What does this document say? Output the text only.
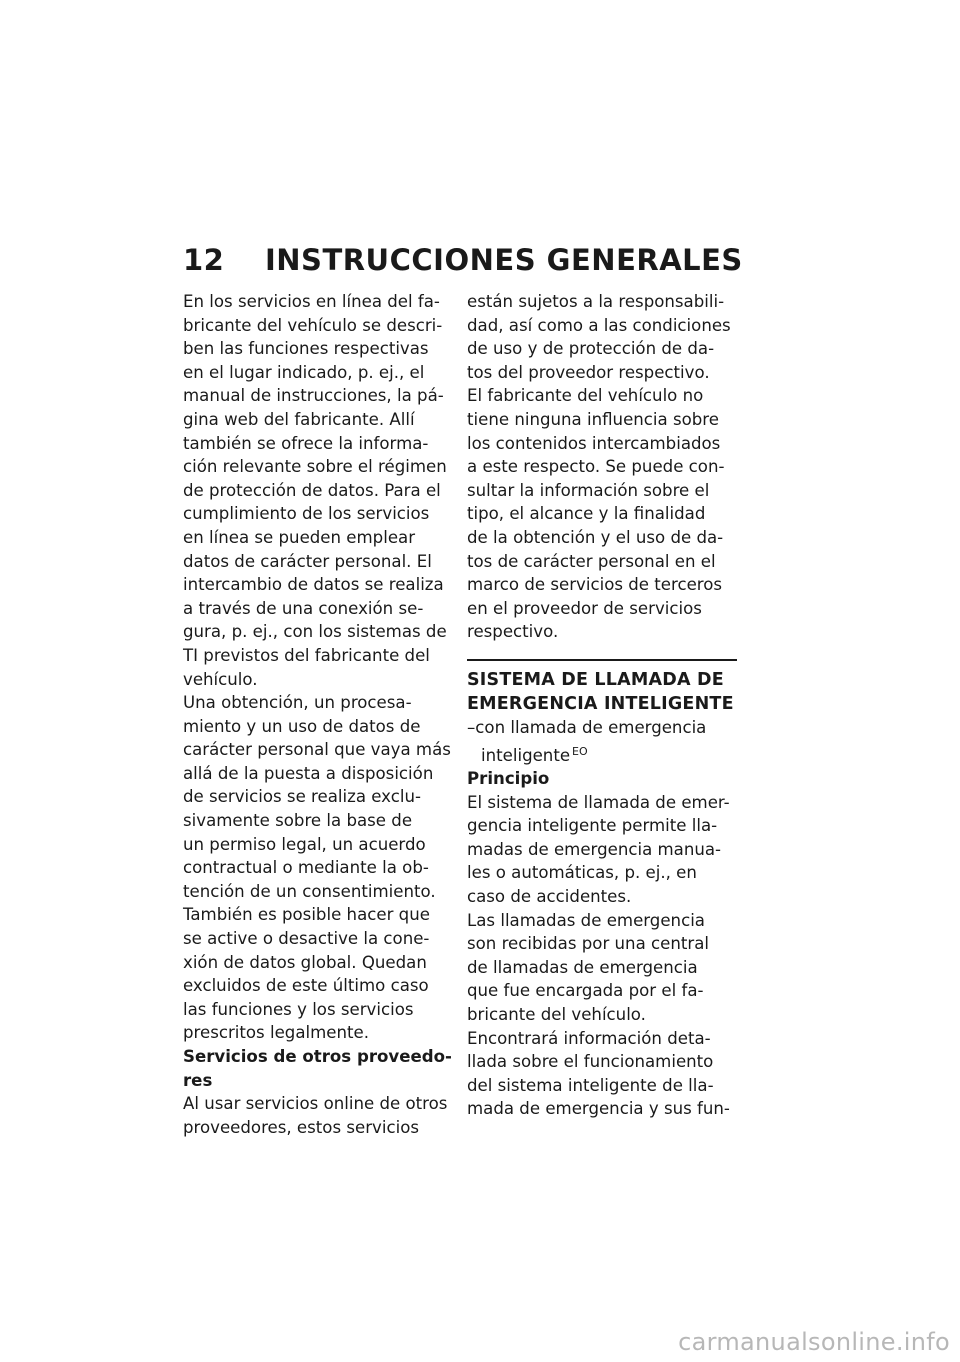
12 INSTRUCCIONES GENERALES

En los servicios en línea del fa-
bricante del vehículo se descri-
ben las funciones respectivas
en el lugar indicado, p. ej., el
manual de instrucciones, la pá-
gina web del fabricante. Allí
también se ofrece la informa-
ción relevante sobre el régimen
de protección de datos. Para el
cumplimiento de los servicios
en línea se pueden emplear
datos de carácter personal. El
intercambio de datos se realiza
a través de una conexión se-
gura, p. ej., con los sistemas de
TI previstos del fabricante del
vehículo.

Una obtención, un procesa-
miento y un uso de datos de
carácter personal que vaya más
allá de la puesta a disposición
de servicios se realiza exclu-
sivamente sobre la base de
un permiso legal, un acuerdo
contractual o mediante la ob-
tención de un consentimiento.

También es posible hacer que
se active o desactive la cone-
xión de datos global. Quedan
excluidos de este último caso
las funciones y los servicios
prescritos legalmente.

Servicios de otros proveedo-
res

Al usar servicios online de otros
proveedores, estos servicios

están sujetos a la responsabili-
dad, así como a las condiciones
de uso y de protección de da-
tos del proveedor respectivo.

El fabricante del vehículo no
tiene ninguna influencia sobre
los contenidos intercambiados
a este respecto. Se puede con-
sultar la información sobre el
tipo, el alcance y la finalidad
de la obtención y el uso de da-
tos de carácter personal en el
marco de servicios de terceros
en el proveedor de servicios
respectivo.

SISTEMA DE LLAMADA DE
EMERGENCIA INTELIGENTE

–con llamada de emergencia
inteligente $^{EO}$

Principio

El sistema de llamada de emer-
gencia inteligente permite lla-
madas de emergencia manua-
les o automáticas, p. ej., en
caso de accidentes.

Las llamadas de emergencia
son recibidas por una central
de llamadas de emergencia
que fue encargada por el fa-
bricante del vehículo.

Encontrará información deta-
llada sobre el funcionamiento
del sistema inteligente de lla-
mada de emergencia y sus fun-

carmanualsonline.info
